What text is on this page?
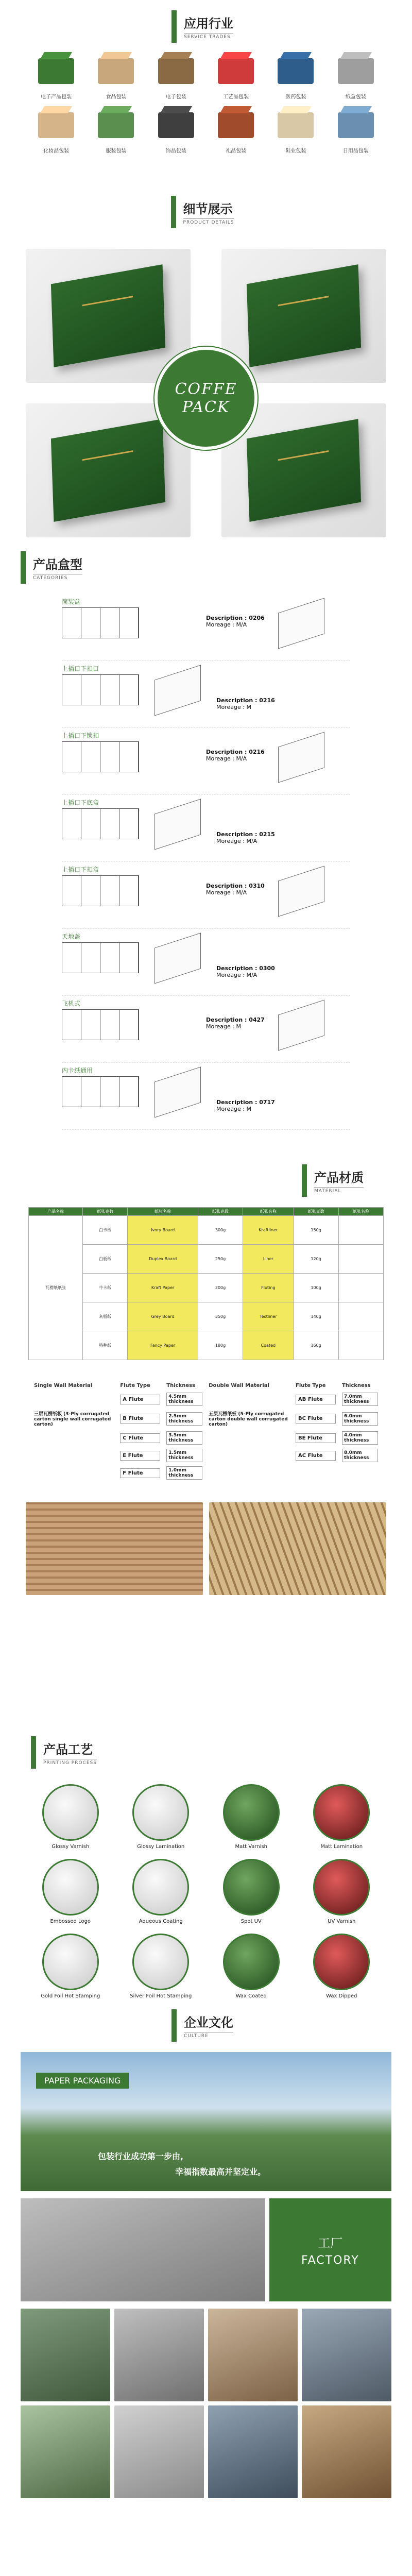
应用行业
SERVICE TRADES
电子产品包装	食品包装	电子包装	工艺品包装	医药包装	纸盒包装
化妆品包装	服装包装	饰品包装	礼品包装	鞋业包装	日用品包装
细节展示
PRODUCT DETAILS
COFFE
PACK
产品盒型
CATEGORIES
简装盒
Description : 0206
Moreage : M/A
上插口下扣口
Description : 0216
Moreage : M
上插口下锁扣
Description : 0216
Moreage : M/A
上插口下底盒
Description : 0215
Moreage : M/A
上插口下扣盒
Description : 0310
Moreage : M/A
天地盖
Description : 0300
Moreage : M/A
飞机式
Description : 0427
Moreage : M
内卡纸通用
Description : 0717
Moreage : M
产品材质
MATERIAL
产品名称	纸张克数	纸张名称	纸张克数	纸张名称	纸张克数	纸张名称
瓦楞纸纸张	白卡纸	Ivory Board	300g	Kraftliner	150g	
	白板纸	Duplex Board	250g	Liner	120g	
	牛卡纸	Kraft Paper	200g	Fluting	100g	
	灰板纸	Grey Board	350g	Testliner	140g	
	特种纸	Fancy Paper	180g	Coated	160g	
Single Wall Material	Flute Type	Thickness	Double Wall Material	Flute Type	Thickness
	A Flute	4.5mm thickness		AB Flute	7.0mm thickness
三层瓦楞纸板 (3-Ply corrugated carton single wall corrugated carton)	B Flute	2.5mm thickness	五层瓦楞纸板 (5-Ply corrugated carton double wall corrugated carton)	BC Flute	6.0mm thickness
	C Flute	3.5mm thickness		BE Flute	4.0mm thickness
	E Flute	1.5mm thickness		AC Flute	8.0mm thickness
	F Flute	1.0mm thickness			
产品工艺
PRINTING PROCESS
Glossy Varnish	Glossy Lamination	Matt Varnish	Matt Lamination
Embossed Logo	Aqueous Coating	Spot UV	UV Varnish
Gold Foil Hot Stamping	Silver Foil Hot Stamping	Wax Coated	Wax Dipped
企业文化
CULTURE
PAPER PACKAGING
包装行业成功第一步由,
幸福指数最高并坚定业。
工厂
FACTORY
